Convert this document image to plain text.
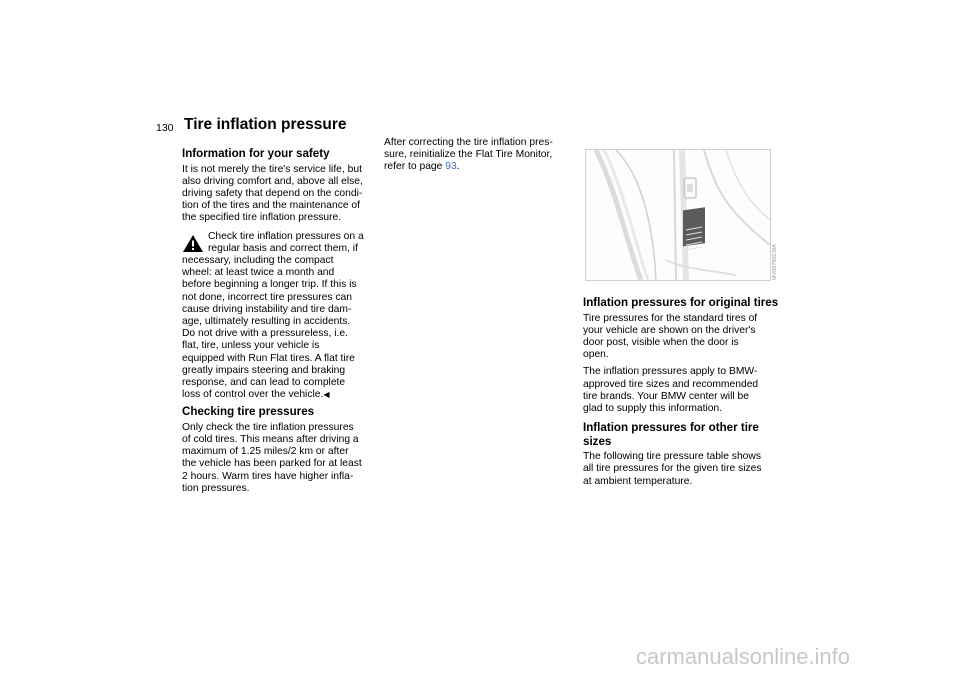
130 Tire inflation pressure
Information for your safety

It is not merely the tire's service life, but
also driving comfort and, above all else,
driving safety that depend on the condi-
tion of the tires and the maintenance of
the specified tire inflation pressure.

Check tire inflation pressures on a
regular basis and correct them, if
necessary, including the compact
wheel: at least twice a month and
before beginning a longer trip. If this is
not done, incorrect tire pressures can
cause driving instability and tire dam-
age, ultimately resulting in accidents.
Do not drive with a pressureless, i.e.
flat, tire, unless your vehicle is
equipped with Run Flat tires. A flat tire
greatly impairs steering and braking
response, and can lead to complete
loss of control over the vehicle.◀
Checking tire pressures

Only check the tire inflation pressures
of cold tires. This means after driving a
maximum of 1.25 miles/2 km or after
the vehicle has been parked for at least
2 hours. Warm tires have higher infla-
tion pressures.

After correcting the tire inflation pres-
sure, reinitialize the Flat Tire Monitor,
refer to page 93.

MV08780CMA
Inflation pressures for original tires

Tire pressures for the standard tires of
your vehicle are shown on the driver's
door post, visible when the door is
open.

The inflation pressures apply to BMW-
approved tire sizes and recommended
tire brands. Your BMW center will be
glad to supply this information.

Inflation pressures for other tire sizes

The following tire pressure table shows
all tire pressures for the given tire sizes
at ambient temperature.

carmanualsonline.info
